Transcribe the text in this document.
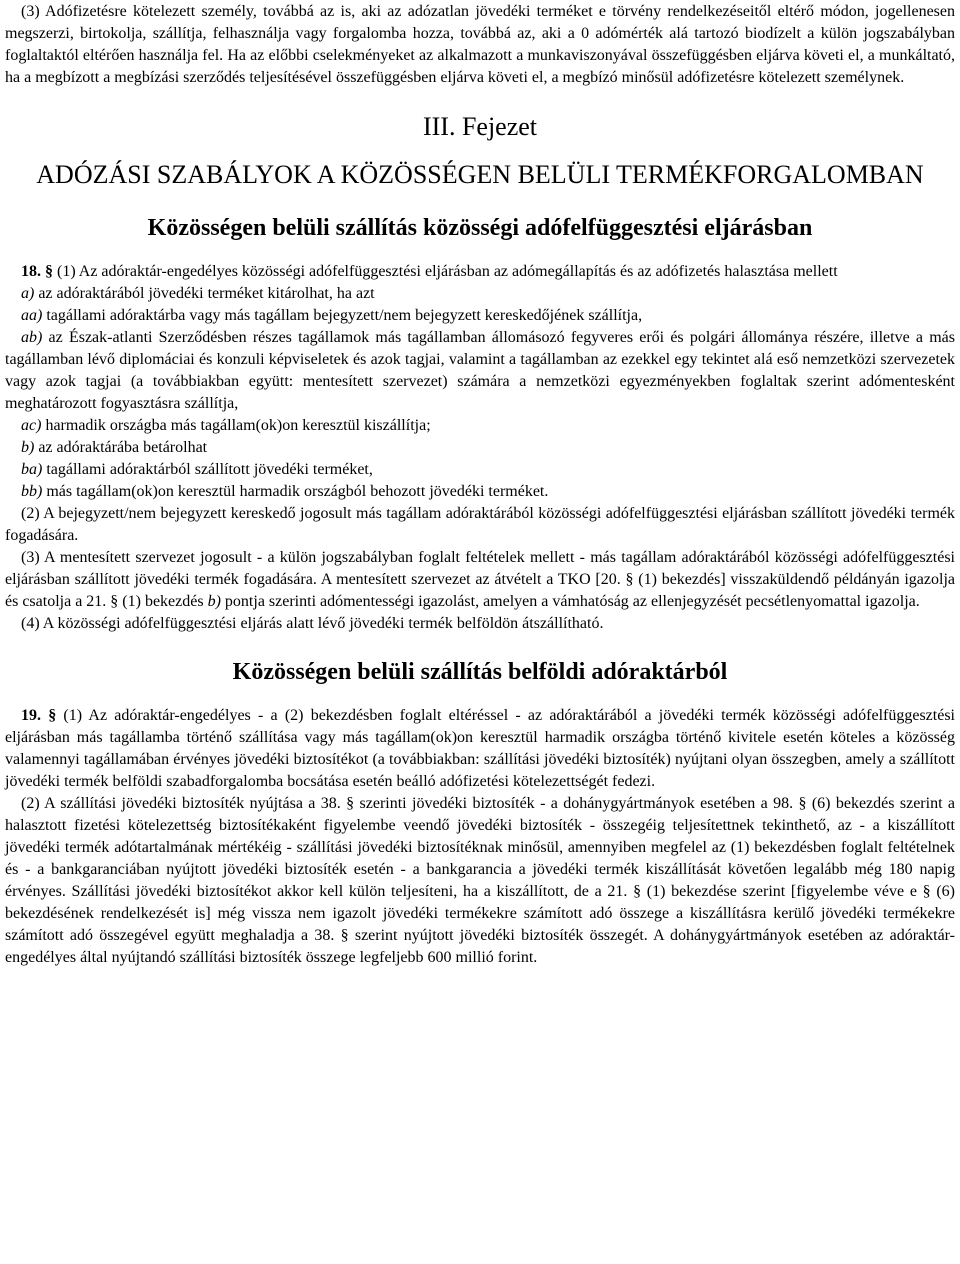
(3) Adófizetésre kötelezett személy, továbbá az is, aki az adózatlan jövedéki terméket e törvény rendelkezéseitől eltérő módon, jogellenesen megszerzi, birtokolja, szállítja, felhasználja vagy forgalomba hozza, továbbá az, aki a 0 adómérték alá tartozó biodízelt a külön jogszabályban foglaltaktól eltérően használja fel. Ha az előbbi cselekményeket az alkalmazott a munkaviszonyával összefüggésben eljárva követi el, a munkáltató, ha a megbízott a megbízási szerződés teljesítésével összefüggésben eljárva követi el, a megbízó minősül adófizetésre kötelezett személynek.

III. Fejezet
ADÓZÁSI SZABÁLYOK A KÖZÖSSÉGEN BELÜLI TERMÉKFORGALOMBAN
Közösségen belüli szállítás közösségi adófelfüggesztési eljárásban

18. § (1) Az adóraktár-engedélyes közösségi adófelfüggesztési eljárásban az adómegállapítás és az adófizetés halasztása mellett

a) az adóraktárából jövedéki terméket kitárolhat, ha azt

aa) tagállami adóraktárba vagy más tagállam bejegyzett/nem bejegyzett kereskedőjének szállítja,

ab) az Észak-atlanti Szerződésben részes tagállamok más tagállamban állomásozó fegyveres erői és polgári állománya részére, illetve a más tagállamban lévő diplomáciai és konzuli képviseletek és azok tagjai, valamint a tagállamban az ezekkel egy tekintet alá eső nemzetközi szervezetek vagy azok tagjai (a továbbiakban együtt: mentesített szervezet) számára a nemzetközi egyezményekben foglaltak szerint adómentesként meghatározott fogyasztásra szállítja,

ac) harmadik országba más tagállam(ok)on keresztül kiszállítja;

b) az adóraktárába betárolhat

ba) tagállami adóraktárból szállított jövedéki terméket,

bb) más tagállam(ok)on keresztül harmadik országból behozott jövedéki terméket.

(2) A bejegyzett/nem bejegyzett kereskedő jogosult más tagállam adóraktárából közösségi adófelfüggesztési eljárásban szállított jövedéki termék fogadására.

(3) A mentesített szervezet jogosult - a külön jogszabályban foglalt feltételek mellett - más tagállam adóraktárából közösségi adófelfüggesztési eljárásban szállított jövedéki termék fogadására. A mentesített szervezet az átvételt a TKO [20. § (1) bekezdés] visszaküldendő példányán igazolja és csatolja a 21. § (1) bekezdés b) pontja szerinti adómentességi igazolást, amelyen a vámhatóság az ellenjegyzését pecsétlenyomattal igazolja.

(4) A közösségi adófelfüggesztési eljárás alatt lévő jövedéki termék belföldön átszállítható.

Közösségen belüli szállítás belföldi adóraktárból

19. § (1) Az adóraktár-engedélyes - a (2) bekezdésben foglalt eltéréssel - az adóraktárából a jövedéki termék közösségi adófelfüggesztési eljárásban más tagállamba történő szállítása vagy más tagállam(ok)on keresztül harmadik országba történő kivitele esetén köteles a közösség valamennyi tagállamában érvényes jövedéki biztosítékot (a továbbiakban: szállítási jövedéki biztosíték) nyújtani olyan összegben, amely a szállított jövedéki termék belföldi szabadforgalomba bocsátása esetén beálló adófizetési kötelezettségét fedezi.

(2) A szállítási jövedéki biztosíték nyújtása a 38. § szerinti jövedéki biztosíték - a dohánygyártmányok esetében a 98. § (6) bekezdés szerint a halasztott fizetési kötelezettség biztosítékaként figyelembe veendő jövedéki biztosíték - összegéig teljesítettnek tekinthető, az - a kiszállított jövedéki termék adótartalmának mértékéig - szállítási jövedéki biztosítéknak minősül, amennyiben megfelel az (1) bekezdésben foglalt feltételnek és - a bankgaranciában nyújtott jövedéki biztosíték esetén - a bankgarancia a jövedéki termék kiszállítását követően legalább még 180 napig érvényes. Szállítási jövedéki biztosítékot akkor kell külön teljesíteni, ha a kiszállított, de a 21. § (1) bekezdése szerint [figyelembe véve e § (6) bekezdésének rendelkezését is] még vissza nem igazolt jövedéki termékekre számított adó összege a kiszállításra kerülő jövedéki termékekre számított adó összegével együtt meghaladja a 38. § szerint nyújtott jövedéki biztosíték összegét. A dohánygyártmányok esetében az adóraktár-engedélyes által nyújtandó szállítási biztosíték összege legfeljebb 600 millió forint.
